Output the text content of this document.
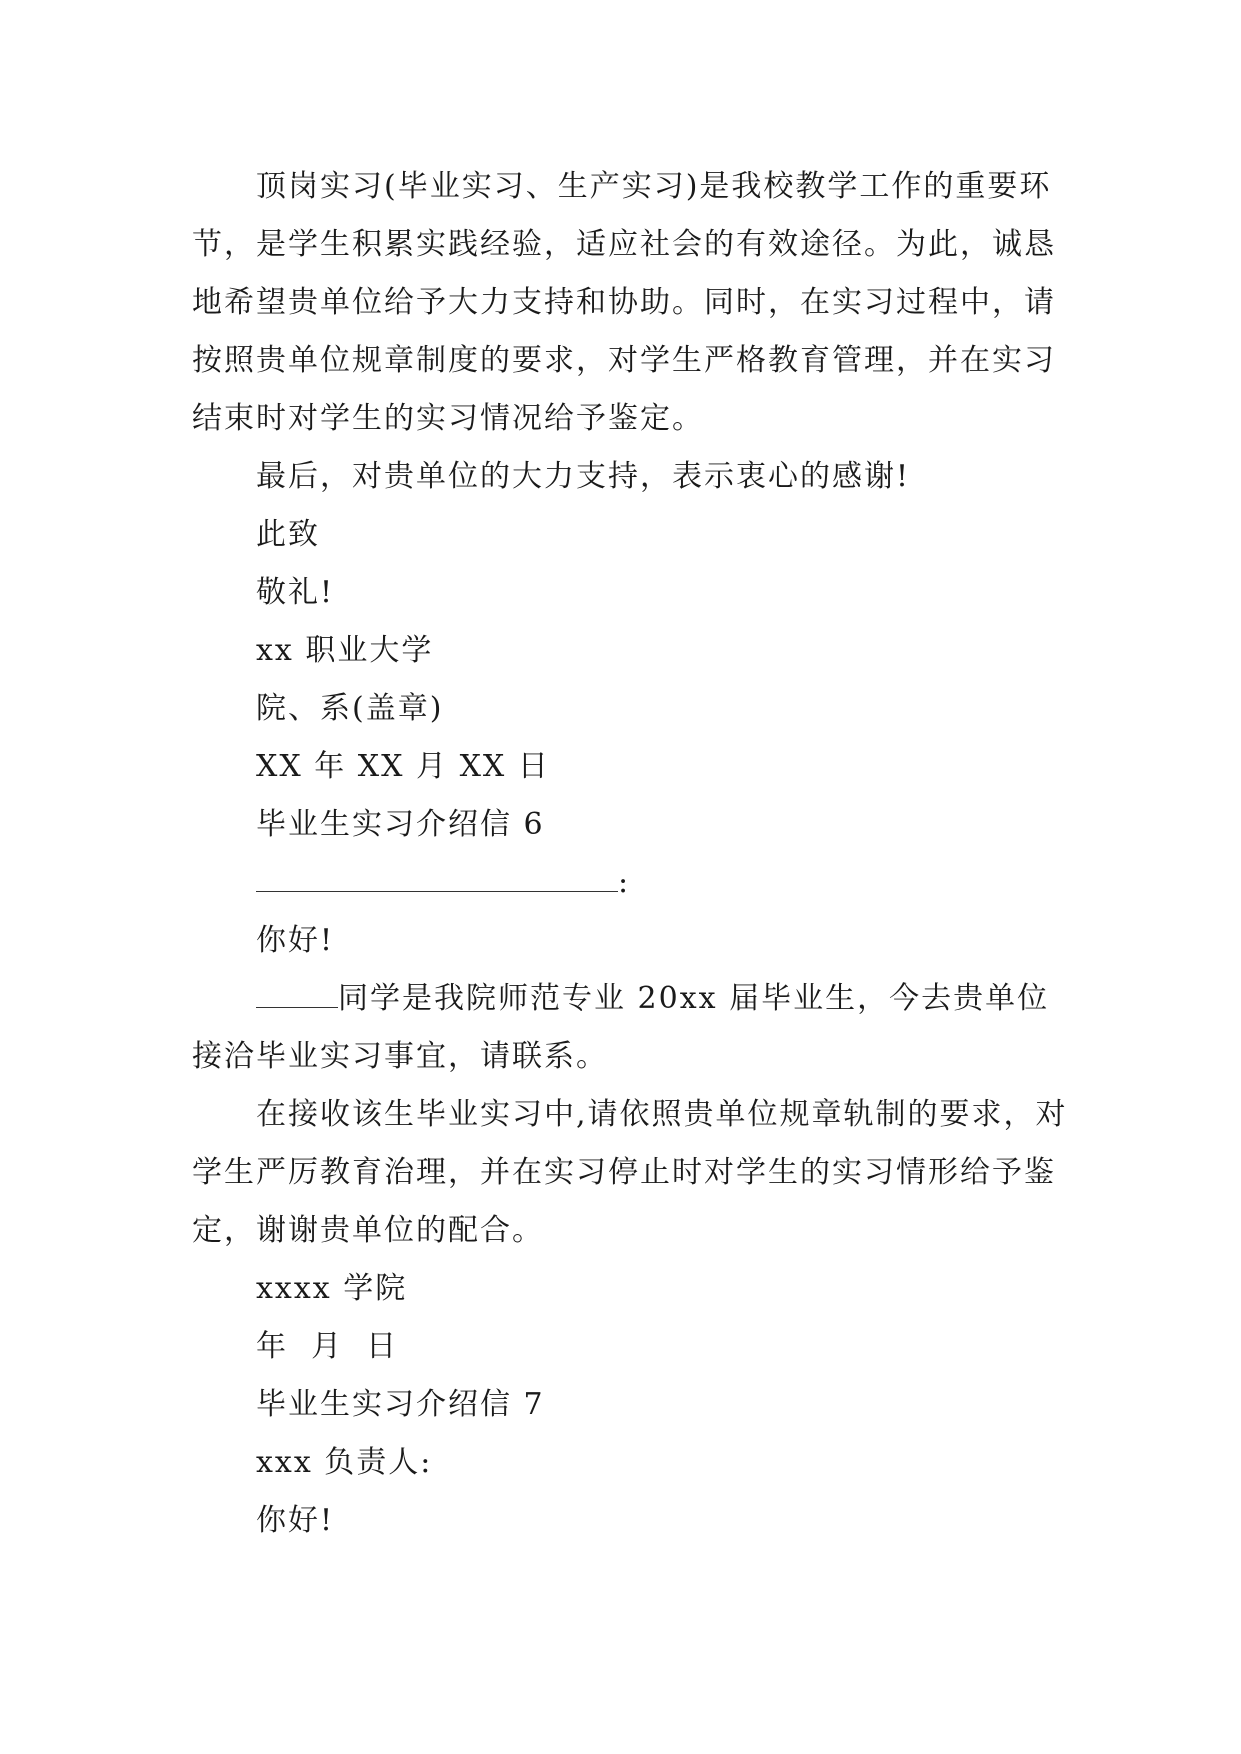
顶岗实习(毕业实习、生产实习)是我校教学工作的重要环节，是学生积累实践经验，适应社会的有效途径。为此，诚恳地希望贵单位给予大力支持和协助。同时，在实习过程中，请按照贵单位规章制度的要求，对学生严格教育管理，并在实习结束时对学生的实习情况给予鉴定。

最后，对贵单位的大力支持，表示衷心的感谢!

此致

敬礼!

xx 职业大学

院、系(盖章)

XX 年 XX 月 XX 日

毕业生实习介绍信 6

:

你好!

同学是我院师范专业 20xx 届毕业生，今去贵单位接洽毕业实习事宜，请联系。

在接收该生毕业实习中,请依照贵单位规章轨制的要求，对学生严厉教育治理，并在实习停止时对学生的实习情形给予鉴定，谢谢贵单位的配合。

xxxx 学院

年  月  日

毕业生实习介绍信 7

xxx 负责人:

你好!
